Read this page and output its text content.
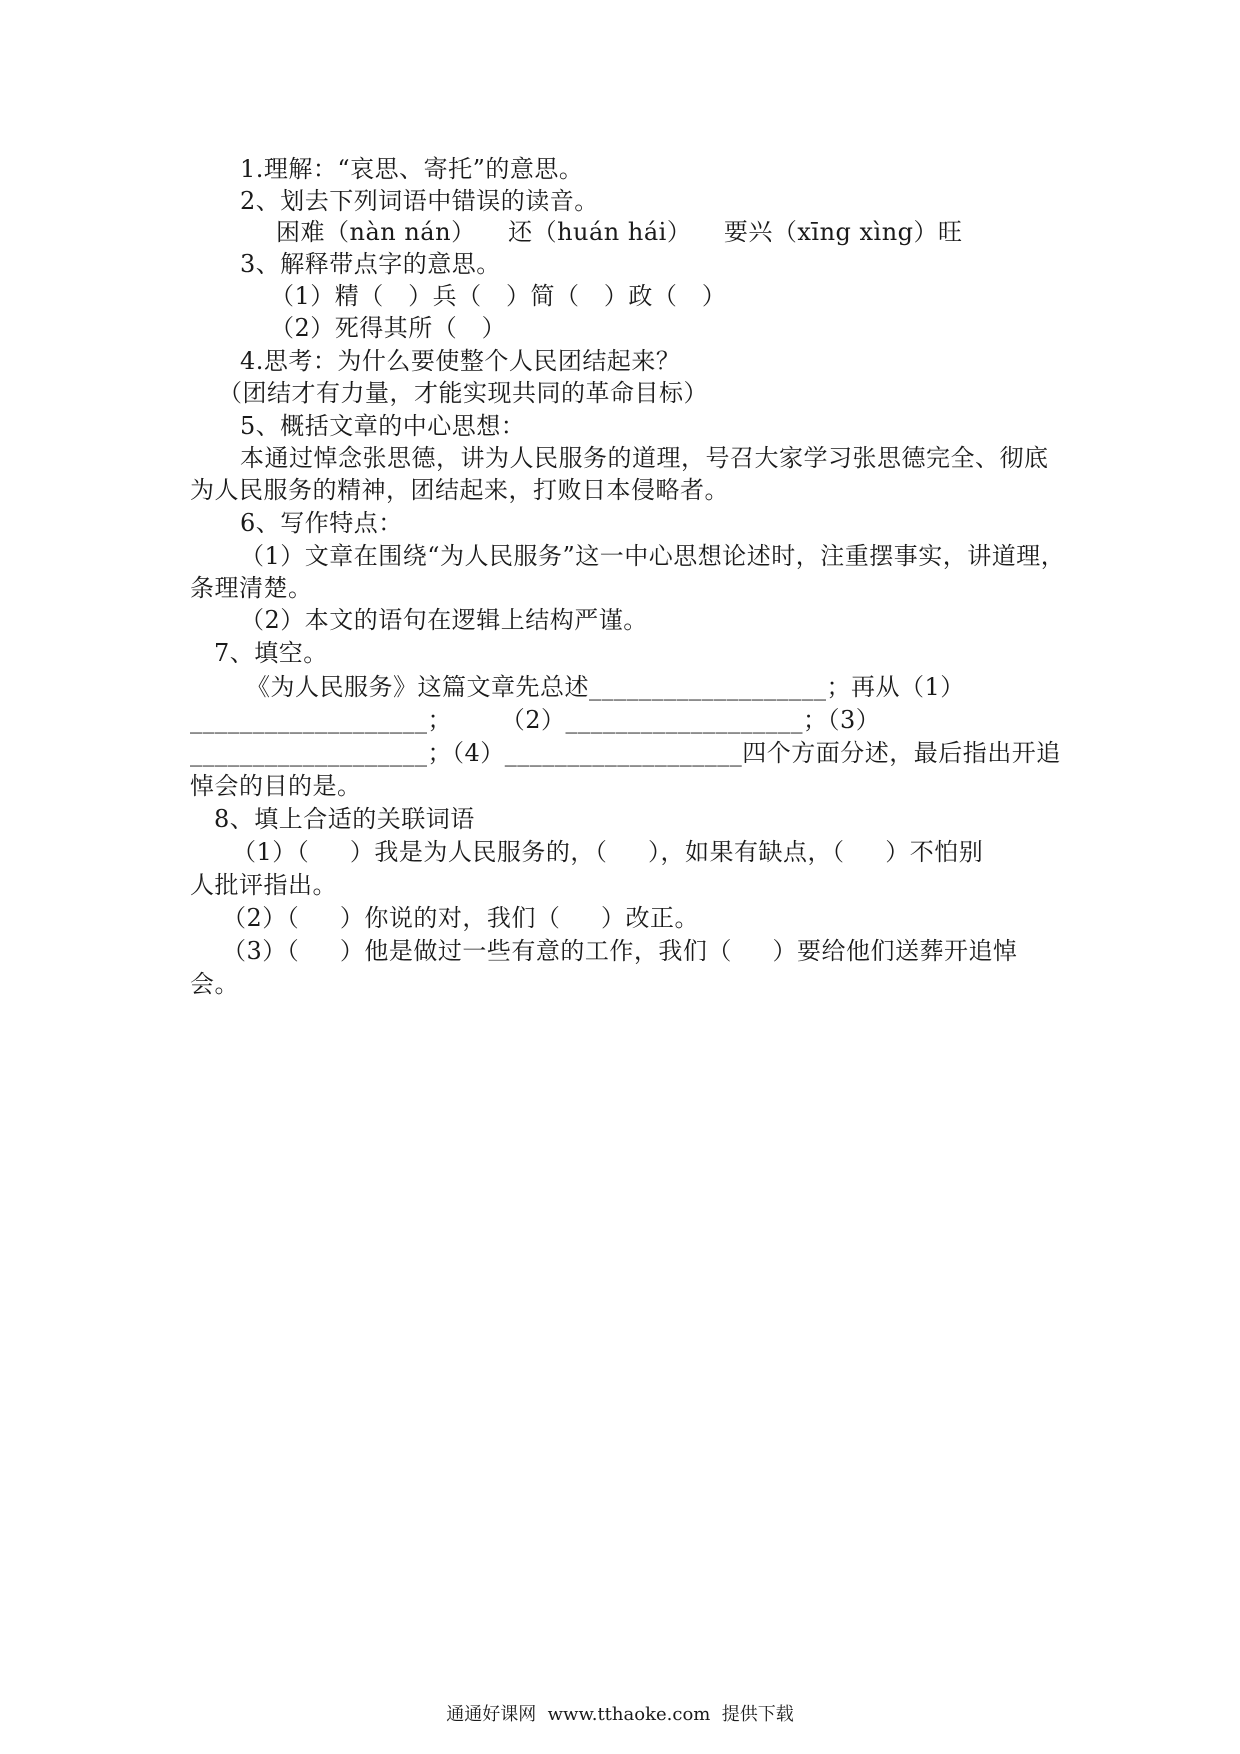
1.理解：“哀思、寄托”的意思。
2、划去下列词语中错误的读音。
困难（nàn nán）    还（huán hái）    要兴（xīng xìng）旺
3、解释带点字的意思。
（1）精（   ）兵（   ）简（   ）政（   ）
（2）死得其所（   ）
4.思考：为什么要使整个人民团结起来？
（团结才有力量，才能实现共同的革命目标）
5、概括文章的中心思想：
本通过悼念张思德，讲为人民服务的道理，号召大家学习张思德完全、彻底
为人民服务的精神，团结起来，打败日本侵略者。
6、写作特点：
（1）文章在围绕“为人民服务”这一中心思想论述时，注重摆事实，讲道理，
条理清楚。
（2）本文的语句在逻辑上结构严谨。
7、填空。
《为人民服务》这篇文章先总述___________________；再从（1）
___________________；      （2）___________________；（3）
___________________；（4）___________________四个方面分述，最后指出开追
悼会的目的是。
8、填上合适的关联词语
（1）（     ）我是为人民服务的，（     ），如果有缺点，（     ）不怕别
人批评指出。
（2）（     ）你说的对，我们（     ）改正。
（3）（     ）他是做过一些有意的工作，我们（     ）要给他们送葬开追悼
会。
通通好课网  www.tthaoke.com  提供下载
